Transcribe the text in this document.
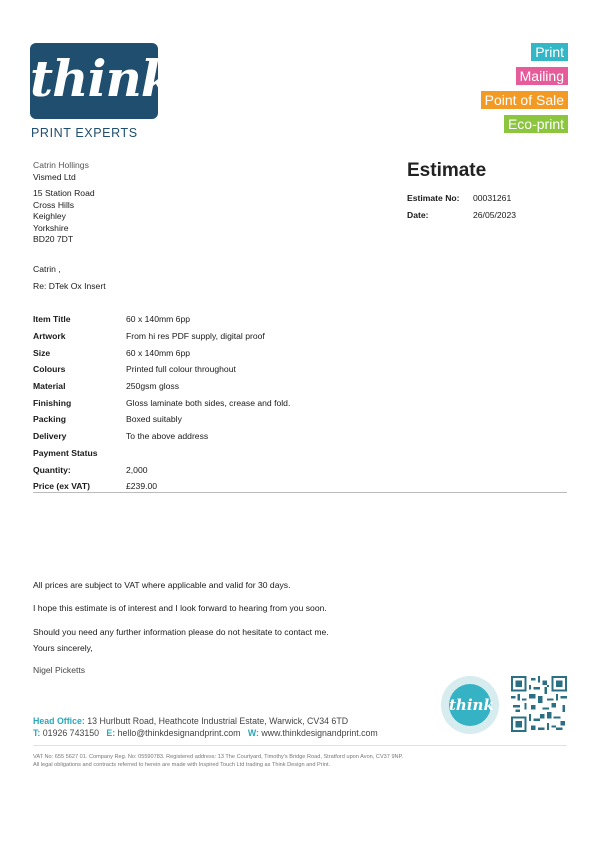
think
PRINT EXPERTS
Print
Mailing
Point of Sale
Eco-print
Catrin Hollings
Vismed Ltd
15 Station Road
Cross Hills
Keighley
Yorkshire
BD20 7DT
Estimate
Estimate No: 00031261
Date:	26/05/2023
Catrin ,
Re: DTek Ox Insert
Item Title	60 x 140mm 6pp
Artwork	From hi res PDF supply, digital proof
Size	60 x 140mm 6pp
Colours	Printed full colour throughout
Material	250gsm gloss
Finishing	Gloss laminate both sides, crease and fold.
Packing	Boxed suitably
Delivery	To the above address
Payment Status
Quantity:	2,000
Price (ex VAT)	£239.00
All prices are subject to VAT where applicable and valid for 30 days.
I hope this estimate is of interest and I look forward to hearing from you soon.
Should you need any further information please do not hesitate to contact me.
Yours sincerely,
Nigel Picketts
think
Head Office: 13 Hurlbutt Road, Heathcote Industrial Estate, Warwick, CV34 6TD
T: 01926 743150 E: hello@thinkdesignandprint.com W: www.thinkdesignandprint.com
VAT No: 655 5627 01. Company Reg. No: 05590783. Registered address: 13 The Courtyard, Timothy's Bridge Road, Stratford upon Avon, CV37 9NP.
All legal obligations and contracts referred to herein are made with Inspired Touch Ltd trading as Think Design and Print.
